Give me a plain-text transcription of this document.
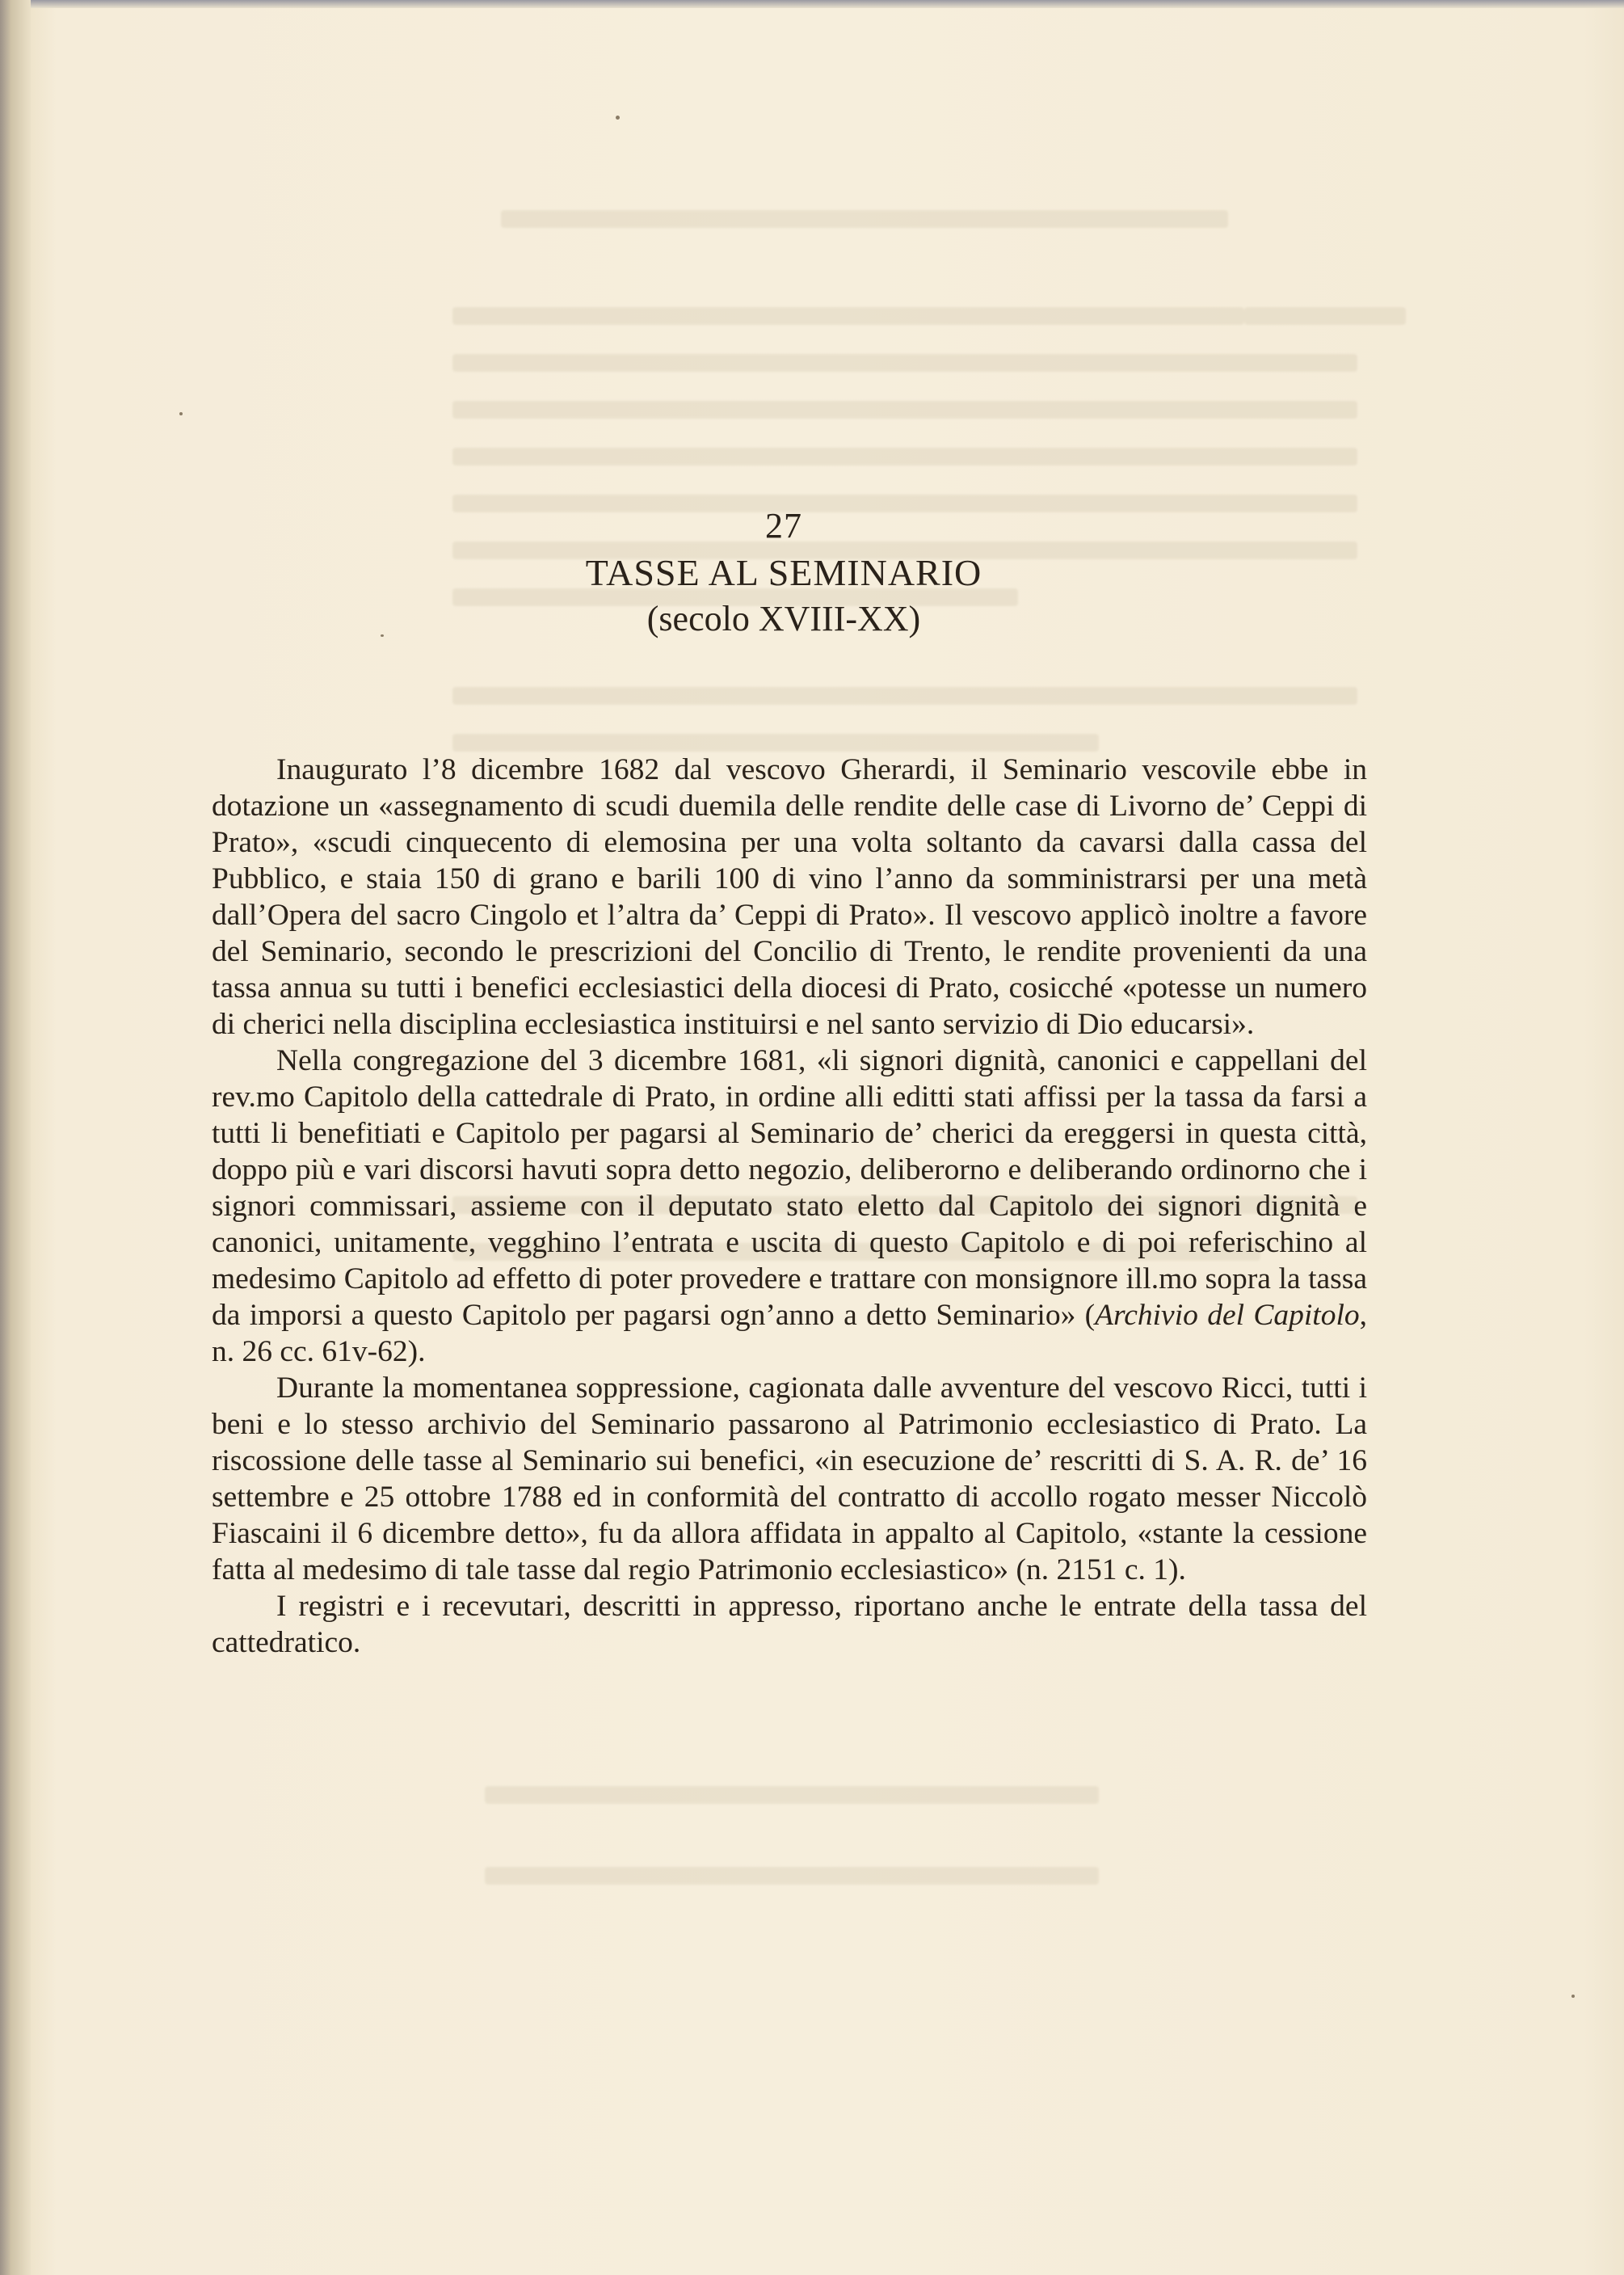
27
TASSE AL SEMINARIO
(secolo XVIII-XX)

Inaugurato l’8 dicembre 1682 dal vescovo Gherardi, il Seminario vescovile ebbe in dotazione un «assegnamento di scudi duemila delle rendite delle case di Livorno de’ Ceppi di Prato», «scudi cinquecento di elemosina per una volta soltanto da cavarsi dalla cassa del Pubblico, e staia 150 di grano e barili 100 di vino l’anno da somministrarsi per una metà dall’Opera del sacro Cingolo et l’altra da’ Ceppi di Prato». Il vescovo applicò inoltre a favore del Seminario, secondo le prescrizioni del Concilio di Trento, le rendite provenienti da una tassa annua su tutti i benefici ecclesiastici della diocesi di Prato, cosicché «potesse un numero di cherici nella disciplina ecclesiastica instituirsi e nel santo servizio di Dio educarsi».

Nella congregazione del 3 dicembre 1681, «li signori dignità, canonici e cappellani del rev.mo Capitolo della cattedrale di Prato, in ordine alli editti stati affissi per la tassa da farsi a tutti li benefitiati e Capitolo per pagarsi al Seminario de’ cherici da ereggersi in questa città, doppo più e vari discorsi havuti sopra detto negozio, deliberorno e deliberando ordinorno che i signori commissari, assieme con il deputato stato eletto dal Capitolo dei signori dignità e canonici, unitamente, vegghino l’entrata e uscita di questo Capitolo e di poi referischino al medesimo Capitolo ad effetto di poter provedere e trattare con monsignore ill.mo sopra la tassa da imporsi a questo Capitolo per pagarsi ogn’anno a detto Seminario» (Archivio del Capitolo, n. 26 cc. 61v-62).

Durante la momentanea soppressione, cagionata dalle avventure del vescovo Ricci, tutti i beni e lo stesso archivio del Seminario passarono al Patrimonio ecclesiastico di Prato. La riscossione delle tasse al Seminario sui benefici, «in esecuzione de’ rescritti di S. A. R. de’ 16 settembre e 25 ottobre 1788 ed in conformità del contratto di accollo rogato messer Niccolò Fiascaini il 6 dicembre detto», fu da allora affidata in appalto al Capitolo, «stante la cessione fatta al medesimo di tale tasse dal regio Patrimonio ecclesiastico» (n. 2151 c. 1).

I registri e i recevutari, descritti in appresso, riportano anche le entrate della tassa del cattedratico.
